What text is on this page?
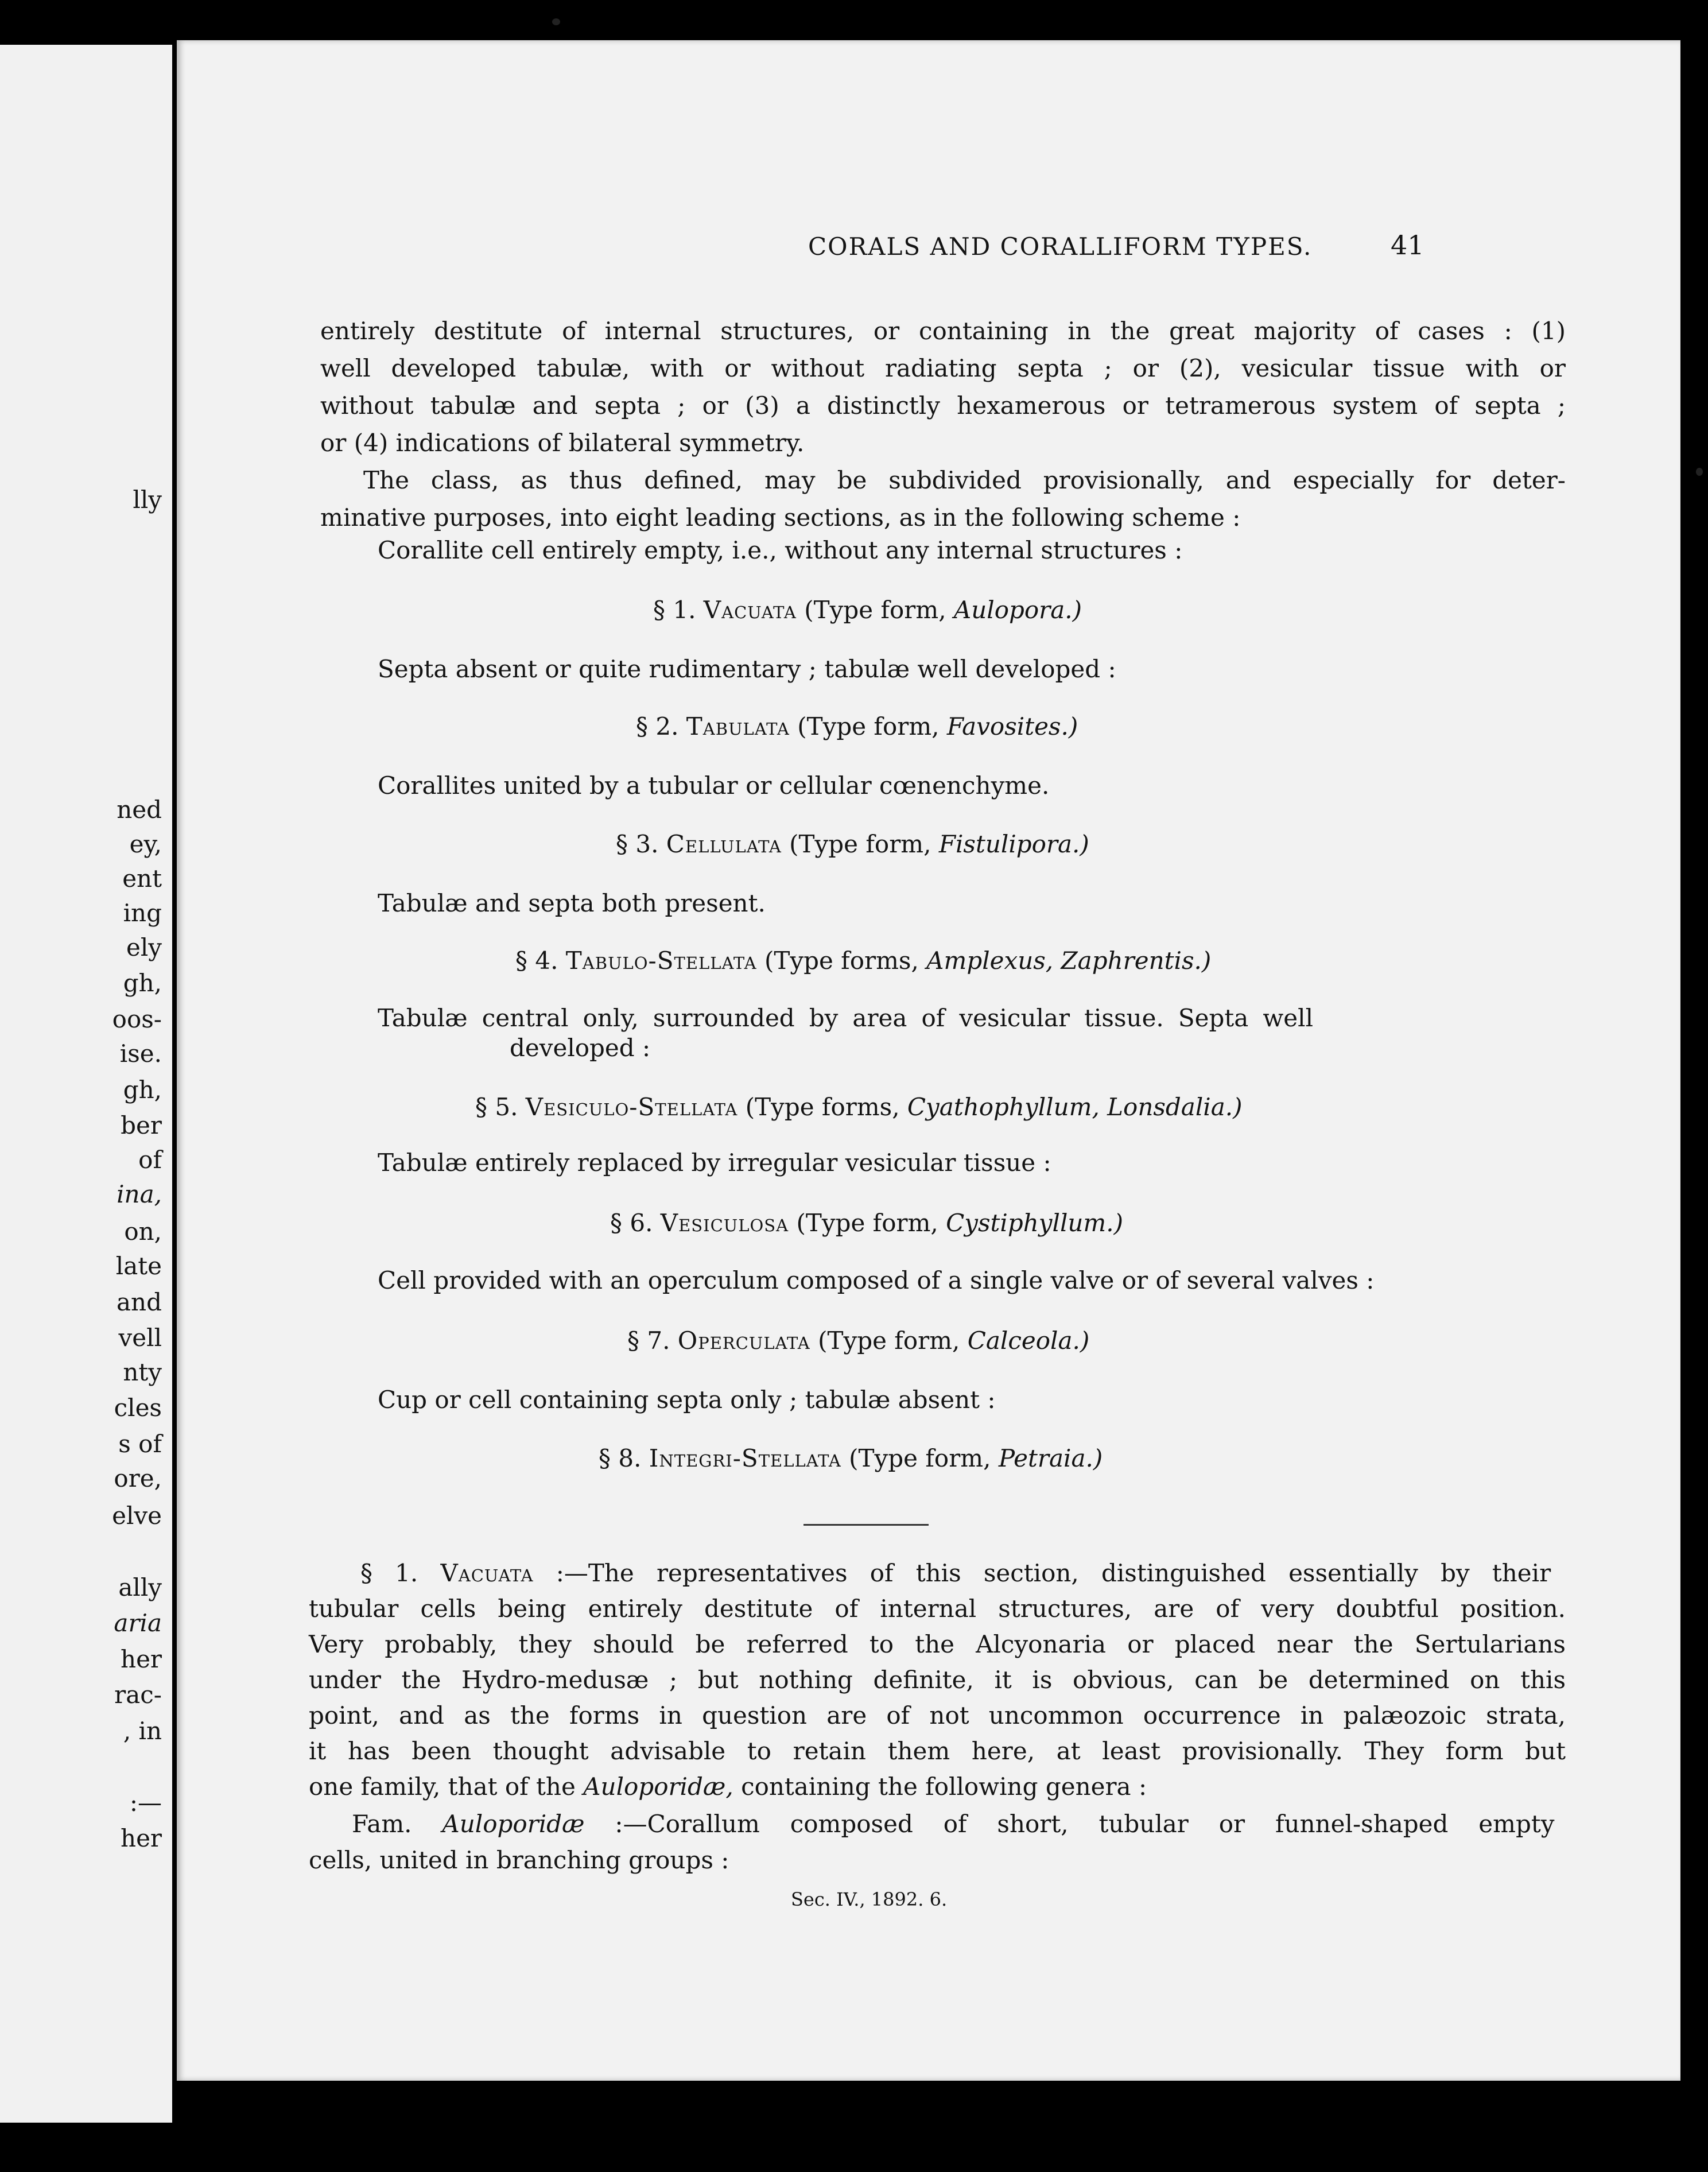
lly
ned
ey,
ent
ing
ely
gh,
oos-
ise.
gh,
ber
of
ina,
on,
late
and
vell
nty
cles
s of
ore,
elve
ally
aria
her
rac-
, in
:—
her
CORALS AND CORALLIFORM TYPES.	41
entirely destitute of internal structures, or containing in the great majority of cases : (1)
well developed tabulæ, with or without radiating septa ; or (2), vesicular tissue with or
without tabulæ and septa ; or (3) a distinctly hexamerous or tetramerous system of septa ;
or (4) indications of bilateral symmetry.
The class, as thus defined, may be subdivided provisionally, and especially for deter-
minative purposes, into eight leading sections, as in the following scheme :
Corallite cell entirely empty, i.e., without any internal structures :
§ 1. Vacuata (Type form, Aulopora.)
Septa absent or quite rudimentary ; tabulæ well developed :
§ 2. Tabulata (Type form, Favosites.)
Corallites united by a tubular or cellular cœnenchyme.
§ 3. Cellulata (Type form, Fistulipora.)
Tabulæ and septa both present.
§ 4. Tabulo-Stellata (Type forms, Amplexus, Zaphrentis.)
Tabulæ central only, surrounded by area of vesicular tissue. Septa well
developed :
§ 5. Vesiculo-Stellata (Type forms, Cyathophyllum, Lonsdalia.)
Tabulæ entirely replaced by irregular vesicular tissue :
§ 6. Vesiculosa (Type form, Cystiphyllum.)
Cell provided with an operculum composed of a single valve or of several valves :
§ 7. Operculata (Type form, Calceola.)
Cup or cell containing septa only ; tabulæ absent :
§ 8. Integri-Stellata (Type form, Petraia.)
§ 1. Vacuata :—The representatives of this section, distinguished essentially by their
tubular cells being entirely destitute of internal structures, are of very doubtful position.
Very probably, they should be referred to the Alcyonaria or placed near the Sertularians
under the Hydro-medusæ ; but nothing definite, it is obvious, can be determined on this
point, and as the forms in question are of not uncommon occurrence in palæozoic strata,
it has been thought advisable to retain them here, at least provisionally. They form but
one family, that of the Auloporidæ, containing the following genera :
Fam. Auloporidæ :—Corallum composed of short, tubular or funnel-shaped empty
cells, united in branching groups :
Sec. IV., 1892. 6.
